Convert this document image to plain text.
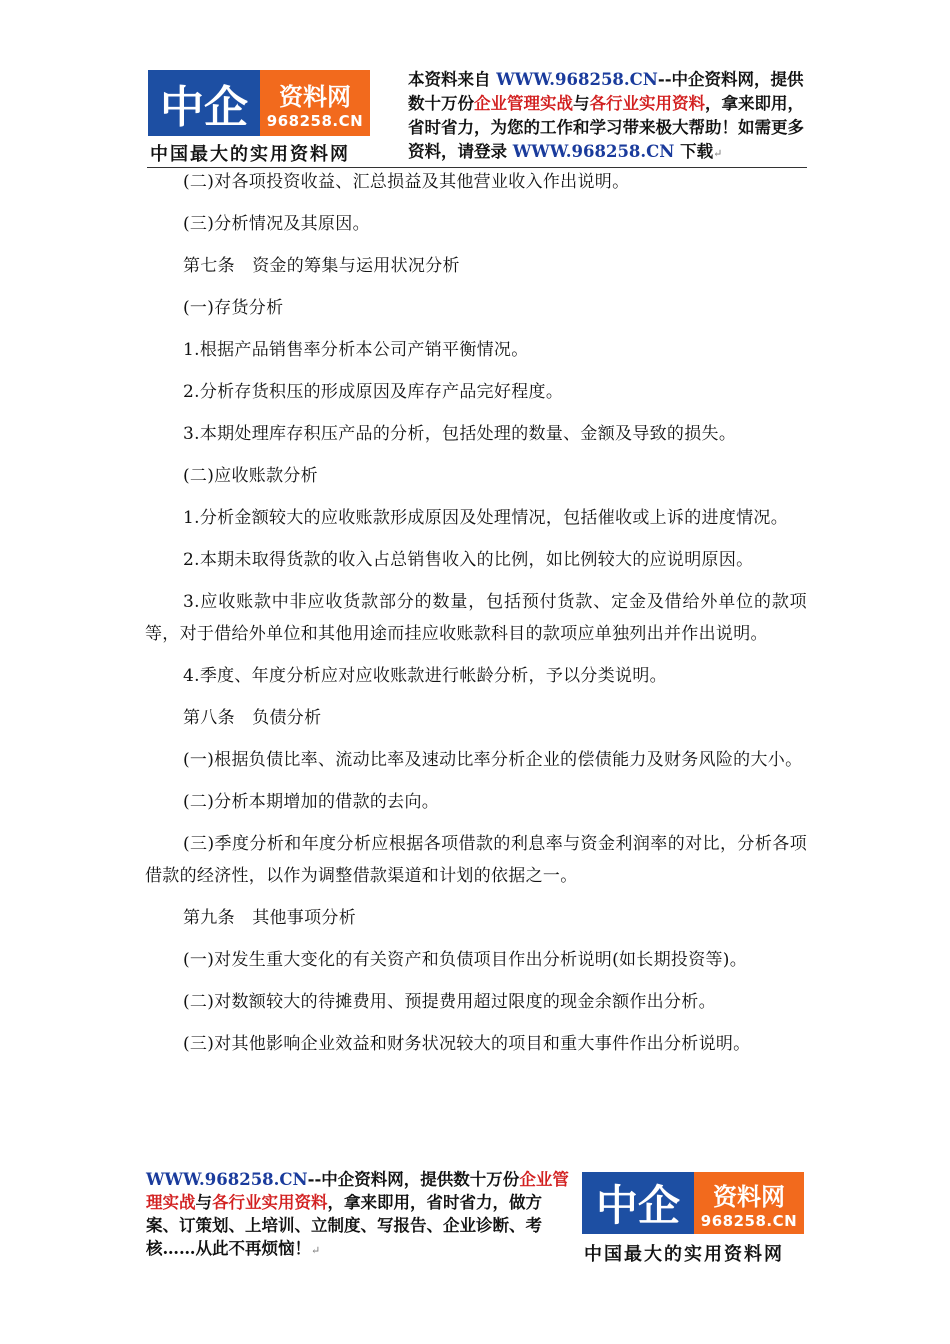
中企	资料网
968258.CN
中国最大的实用资料网
本资料来自 WWW.968258.CN--中企资料网，提供数十万份企业管理实战与各行业实用资料，拿来即用，省时省力，为您的工作和学习带来极大帮助！如需更多资料，请登录 WWW.968258.CN 下载↵

(二)对各项投资收益、汇总损益及其他营业收入作出说明。

(三)分析情况及其原因。

第七条　资金的筹集与运用状况分析

(一)存货分析

1.根据产品销售率分析本公司产销平衡情况。

2.分析存货积压的形成原因及库存产品完好程度。

3.本期处理库存积压产品的分析，包括处理的数量、金额及导致的损失。

(二)应收账款分析

1.分析金额较大的应收账款形成原因及处理情况，包括催收或上诉的进度情况。

2.本期未取得货款的收入占总销售收入的比例，如比例较大的应说明原因。

3.应收账款中非应收货款部分的数量，包括预付货款、定金及借给外单位的款项等，对于借给外单位和其他用途而挂应收账款科目的款项应单独列出并作出说明。

4.季度、年度分析应对应收账款进行帐龄分析，予以分类说明。

第八条　负债分析

(一)根据负债比率、流动比率及速动比率分析企业的偿债能力及财务风险的大小。

(二)分析本期增加的借款的去向。

(三)季度分析和年度分析应根据各项借款的利息率与资金利润率的对比，分析各项借款的经济性，以作为调整借款渠道和计划的依据之一。

第九条　其他事项分析

(一)对发生重大变化的有关资产和负债项目作出分析说明(如长期投资等)。

(二)对数额较大的待摊费用、预提费用超过限度的现金余额作出分析。

(三)对其他影响企业效益和财务状况较大的项目和重大事件作出分析说明。

WWW.968258.CN--中企资料网，提供数十万份企业管理实战与各行业实用资料，拿来即用，省时省力，做方案、订策划、上培训、立制度、写报告、企业诊断、考核……从此不再烦恼！↵
中企	资料网
968258.CN
中国最大的实用资料网
